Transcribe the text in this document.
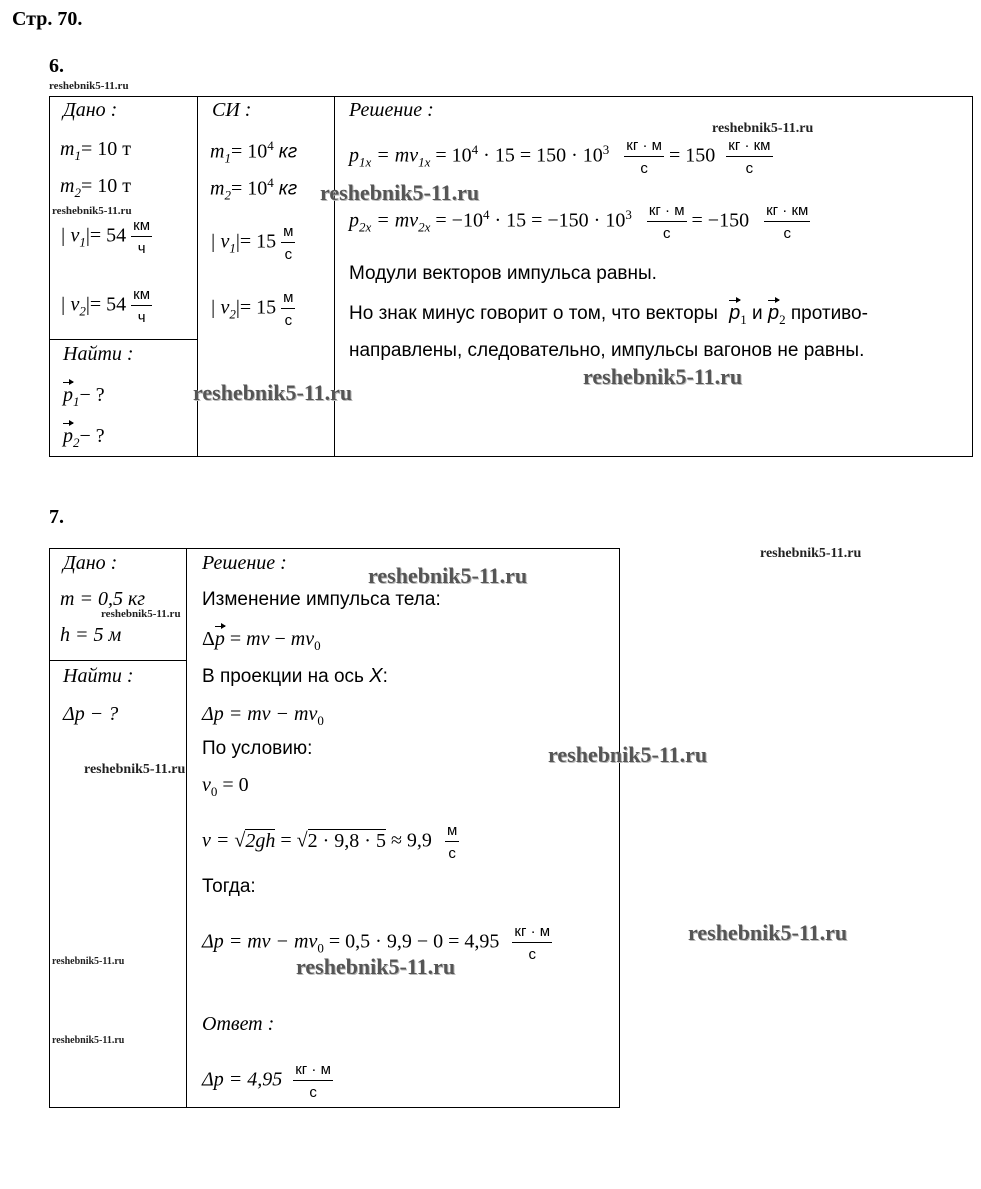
Стр. 70.
6.
Дано :
$m_1= 10$ т
$m_2= 10$ т
| $v_1|= 54 \frac{км}{ч}$
| $v_2|= 54 \frac{км}{ч}$
Найти :
$p_1-$ ?
$p_2-$ ?
СИ :
$m_1= 10^4$ кг
$m_2= 10^4$ кг
| $v_1|= 15 \frac{м}{с}$
| $v_2|= 15 \frac{м}{с}$
Решение :
$p_{1x} = mv_{1x} = 10^4 \cdot 15 = 150 \cdot 10^3 \frac{кг \cdot м}{с} = 150 \frac{кг \cdot км}{с}$
$p_{2x} = mv_{2x} = -10^4 \cdot 15 = -150 \cdot 10^3 \frac{кг \cdot м}{с} = -150 \frac{кг \cdot км}{с}$
Модули векторов импульса равны.
Но знак минус говорит о том, что векторы $p_1$ и $p_2$ противо-
направлены, следовательно, импульсы вагонов не равны.
7.
Дано :
m = 0,5 кг
h = 5 м
Найти :
Δp − ?
Решение :
Изменение импульса тела:
Δp = mv − $mv_0$
В проекции на ось X:
Δp = mv − $mv_0$
По условию:
$v_0 = 0$
$v = √2gh = √2 \cdot 9,8 \cdot 5 \approx 9,9 \frac{м}{с}$
Тогда:
Δp = mv − $mv_0 = 0,5 \cdot 9,9 - 0 = 4,95 \frac{кг \cdot м}{с}$
Ответ :
$\Delta p = 4,95 \frac{кг \cdot м}{с}$
reshebnik5-11.ru
reshebnik5-11.ru
reshebnik5-11.ru
reshebnik5-11.ru
reshebnik5-11.ru
reshebnik5-11.ru
reshebnik5-11.ru
reshebnik5-11.ru
reshebnik5-11.ru
reshebnik5-11.ru
reshebnik5-11.ru
reshebnik5-11.ru
reshebnik5-11.ru
reshebnik5-11.ru
reshebnik5-11.ru
